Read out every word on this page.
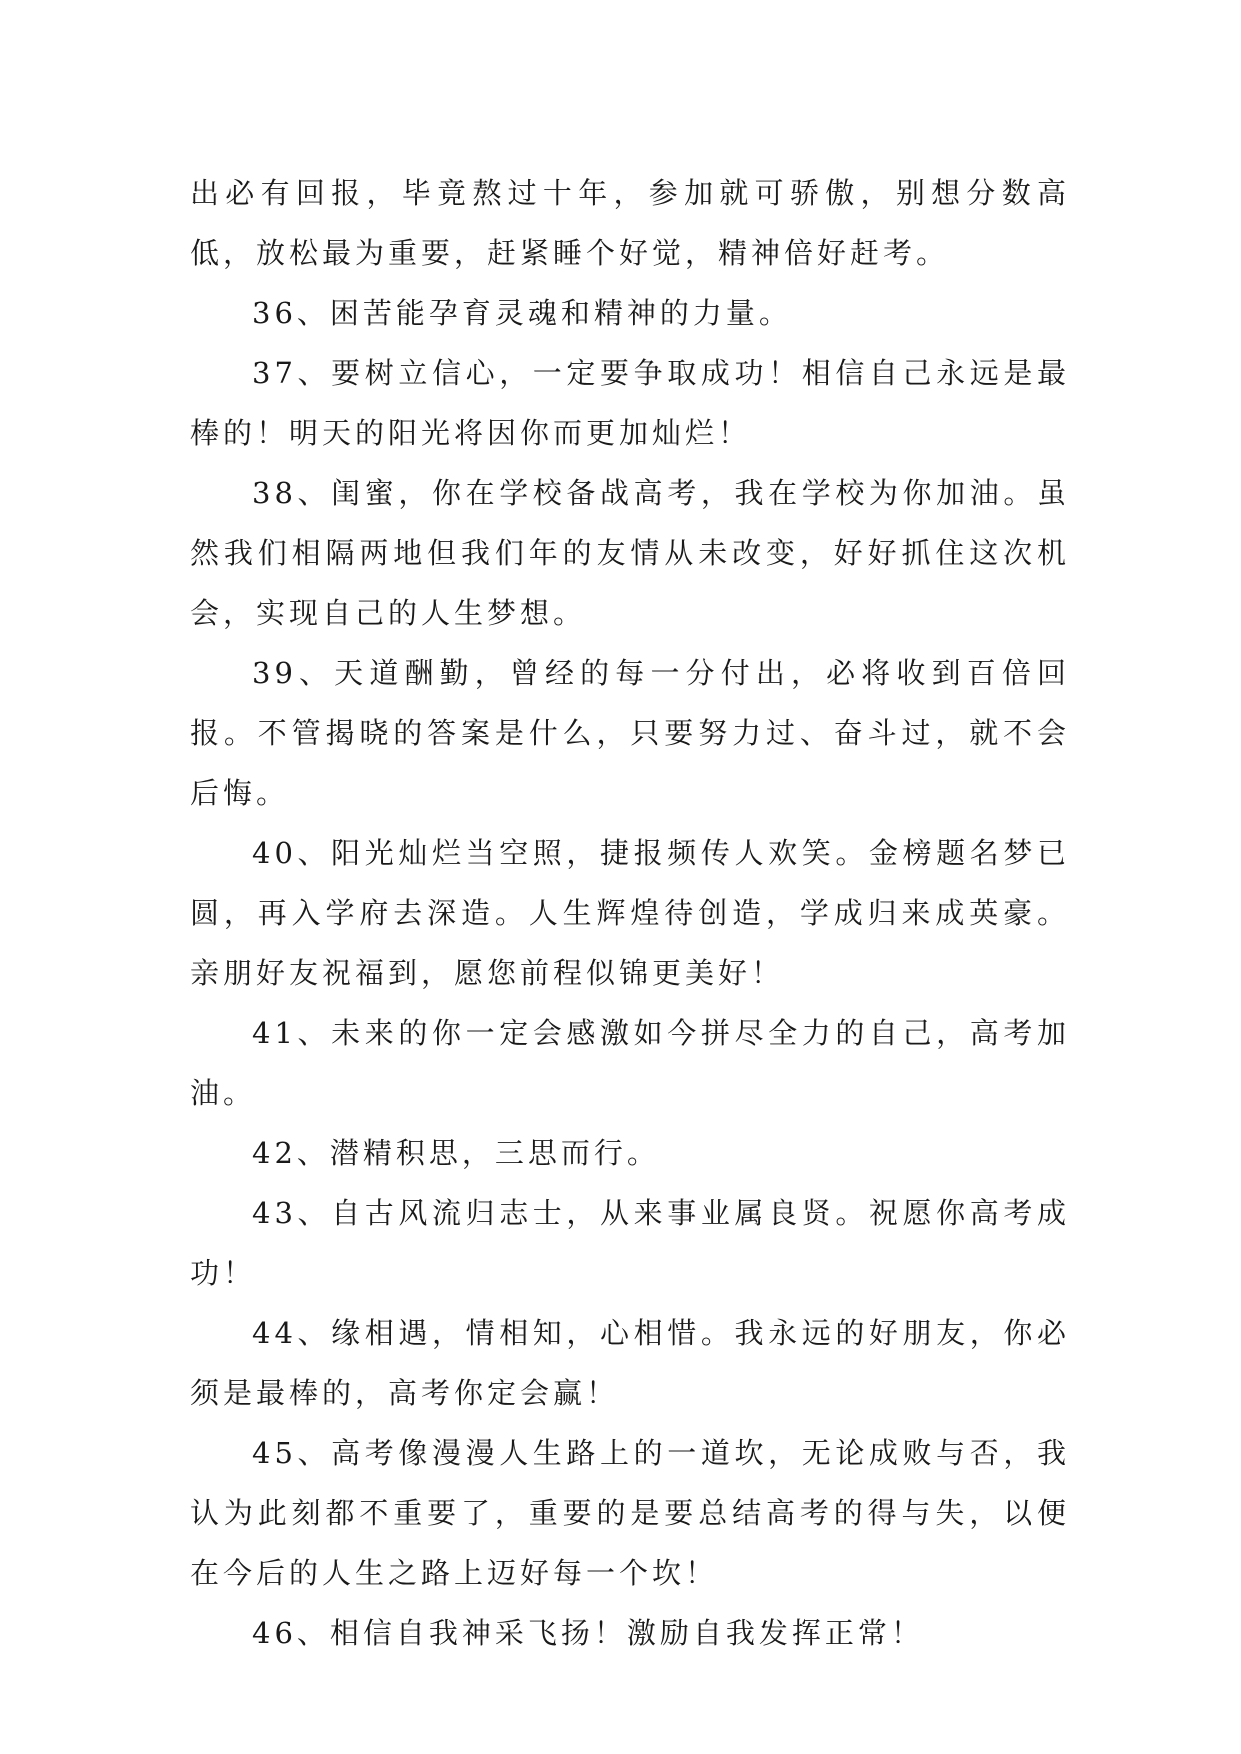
出必有回报，毕竟熬过十年，参加就可骄傲，别想分数高低，放松最为重要，赶紧睡个好觉，精神倍好赶考。

36、困苦能孕育灵魂和精神的力量。

37、要树立信心，一定要争取成功！相信自己永远是最棒的！明天的阳光将因你而更加灿烂！

38、闺蜜，你在学校备战高考，我在学校为你加油。虽然我们相隔两地但我们年的友情从未改变，好好抓住这次机会，实现自己的人生梦想。

39、天道酬勤，曾经的每一分付出，必将收到百倍回报。不管揭晓的答案是什么，只要努力过、奋斗过，就不会后悔。

40、阳光灿烂当空照，捷报频传人欢笑。金榜题名梦已圆，再入学府去深造。人生辉煌待创造，学成归来成英豪。亲朋好友祝福到，愿您前程似锦更美好！

41、未来的你一定会感激如今拼尽全力的自己，高考加油。

42、潜精积思，三思而行。

43、自古风流归志士，从来事业属良贤。祝愿你高考成功！

44、缘相遇，情相知，心相惜。我永远的好朋友，你必须是最棒的，高考你定会赢！

45、高考像漫漫人生路上的一道坎，无论成败与否，我认为此刻都不重要了，重要的是要总结高考的得与失，以便在今后的人生之路上迈好每一个坎！

46、相信自我神采飞扬！激励自我发挥正常！
